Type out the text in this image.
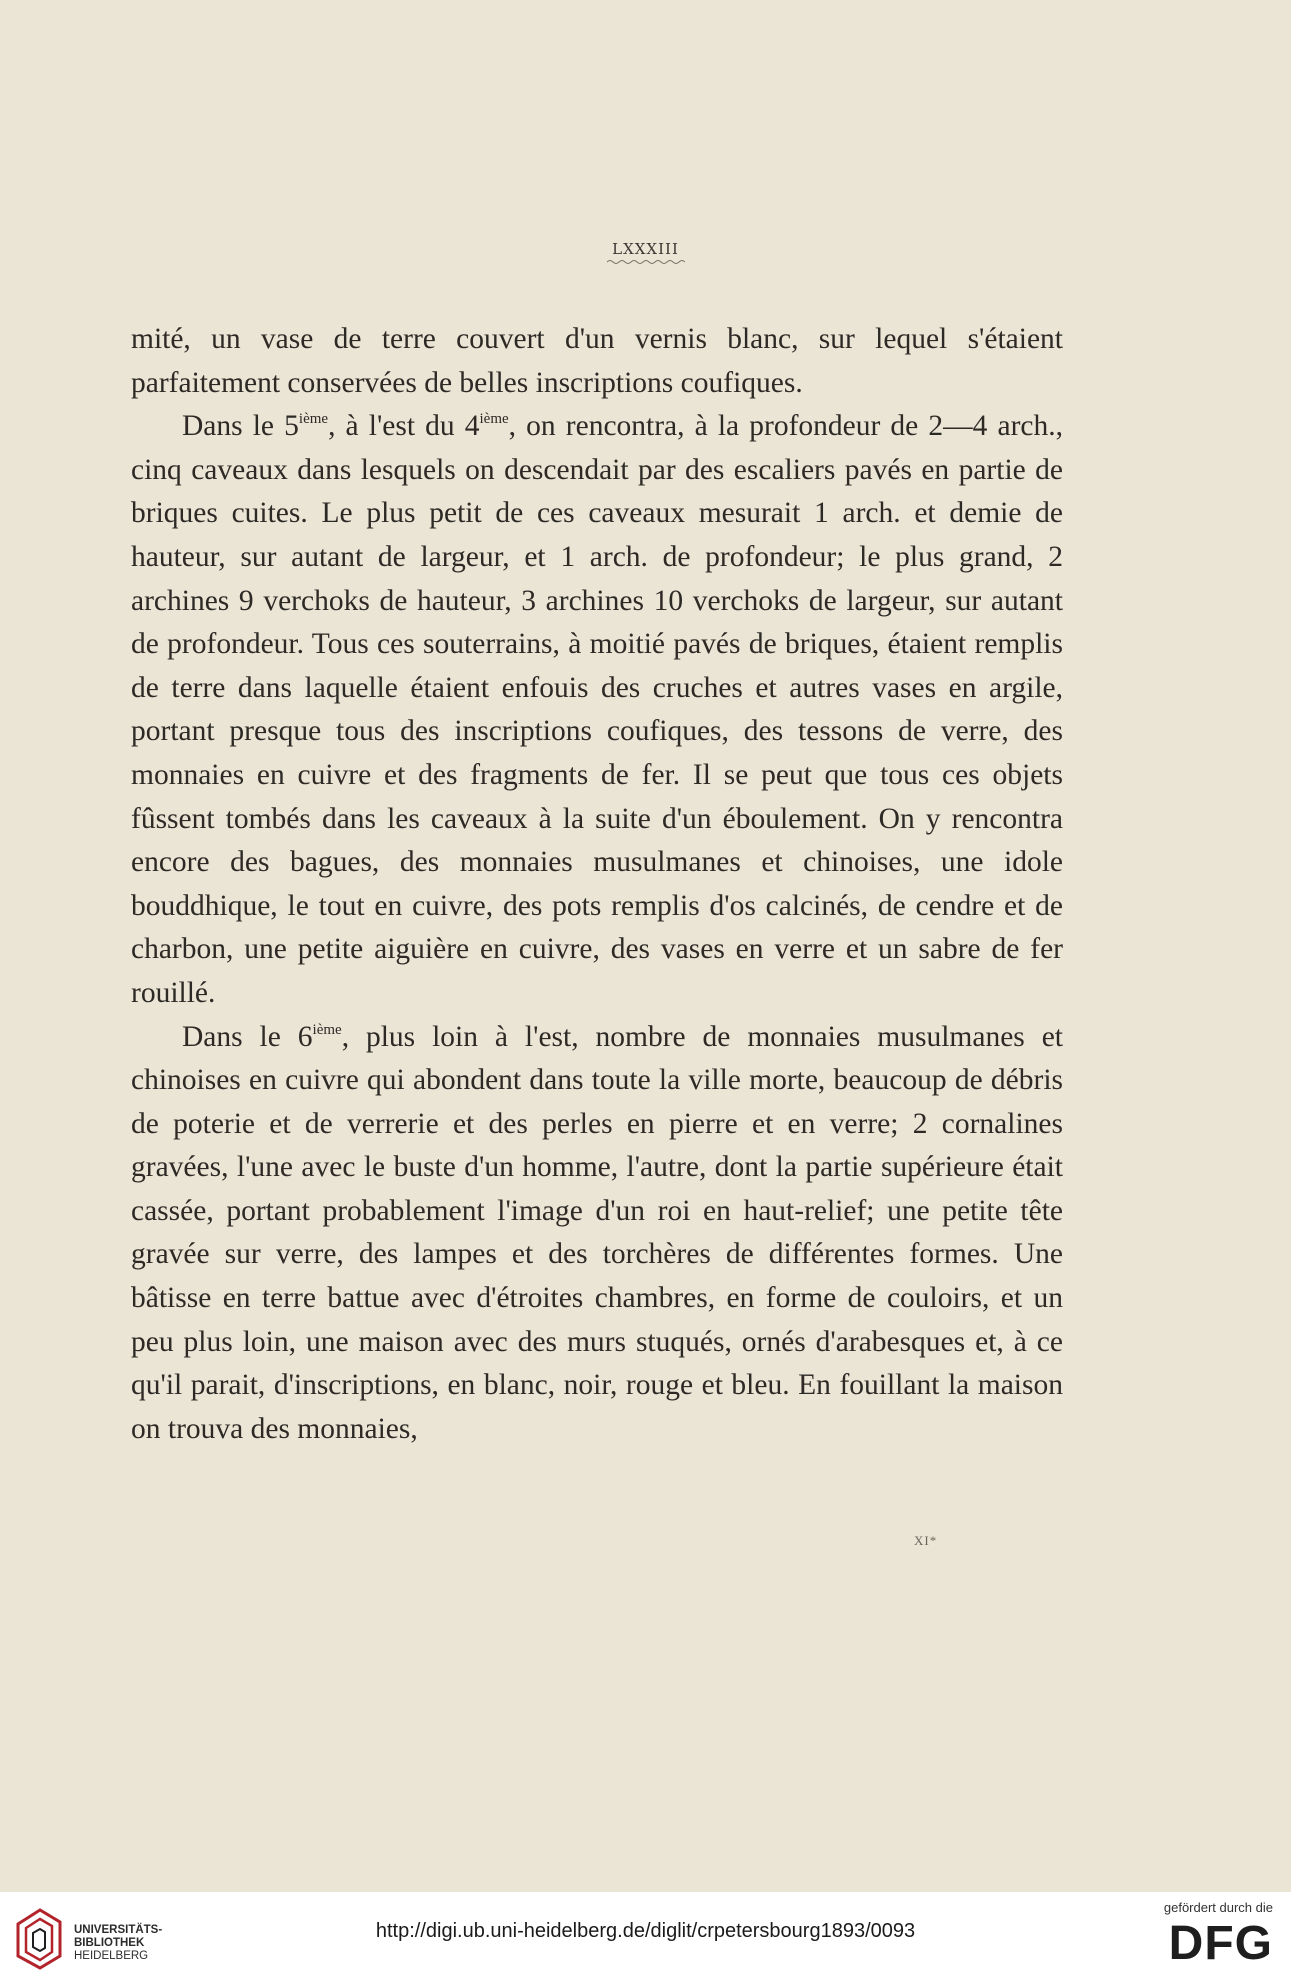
LXXXIII

mité, un vase de terre couvert d'un vernis blanc, sur lequel s'étaient parfaitement conservées de belles inscriptions coufiques.

Dans le 5ième, à l'est du 4ième, on rencontra, à la profondeur de 2—4 arch., cinq caveaux dans lesquels on descendait par des escaliers pavés en partie de briques cuites. Le plus petit de ces caveaux mesurait 1 arch. et demie de hauteur, sur autant de largeur, et 1 arch. de profondeur; le plus grand, 2 archines 9 verchoks de hauteur, 3 archines 10 verchoks de largeur, sur autant de profondeur. Tous ces souterrains, à moitié pavés de briques, étaient remplis de terre dans laquelle étaient enfouis des cruches et autres vases en argile, portant presque tous des inscriptions coufiques, des tessons de verre, des monnaies en cuivre et des fragments de fer. Il se peut que tous ces objets fûssent tombés dans les caveaux à la suite d'un éboulement. On y rencontra encore des bagues, des monnaies musulmanes et chinoises, une idole bouddhique, le tout en cuivre, des pots remplis d'os calcinés, de cendre et de charbon, une petite aiguière en cuivre, des vases en verre et un sabre de fer rouillé.

Dans le 6ième, plus loin à l'est, nombre de monnaies musulmanes et chinoises en cuivre qui abondent dans toute la ville morte, beaucoup de débris de poterie et de verrerie et des perles en pierre et en verre; 2 cornalines gravées, l'une avec le buste d'un homme, l'autre, dont la partie supérieure était cassée, portant probablement l'image d'un roi en haut-relief; une petite tête gravée sur verre, des lampes et des torchères de différentes formes. Une bâtisse en terre battue avec d'étroites chambres, en forme de couloirs, et un peu plus loin, une maison avec des murs stuqués, ornés d'arabesques et, à ce qu'il parait, d'inscriptions, en blanc, noir, rouge et bleu. En fouillant la maison on trouva des monnaies,

XI*
UNIVERSITÄTS-
BIBLIOTHEK
HEIDELBERG
http://digi.ub.uni-heidelberg.de/diglit/crpetersbourg1893/0093
gefördert durch die
DFG
